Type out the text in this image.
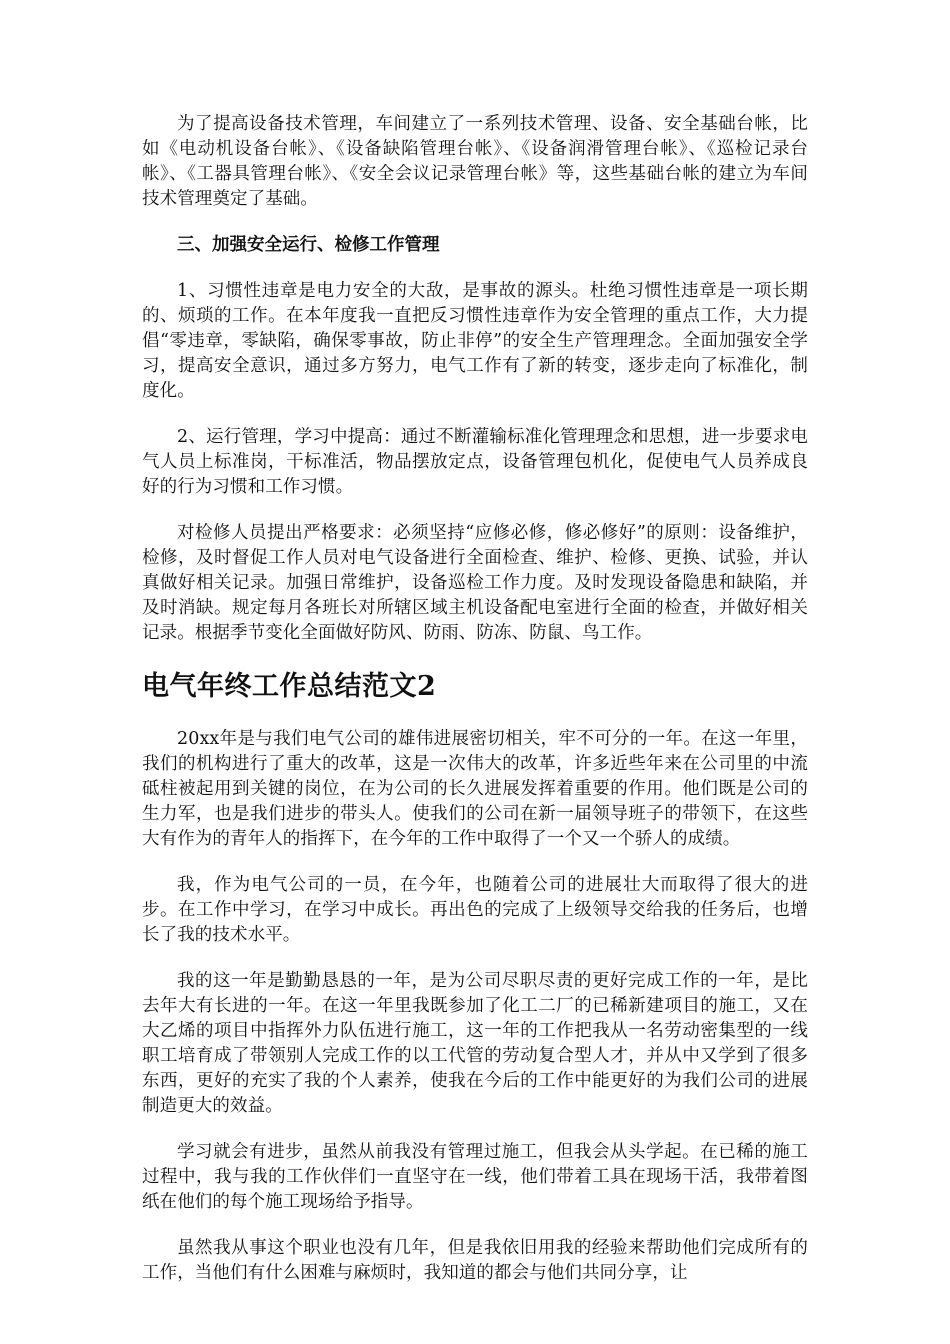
为了提高设备技术管理，车间建立了一系列技术管理、设备、安全基础台帐，比如《电动机设备台帐》、《设备缺陷管理台帐》、《设备润滑管理台帐》、《巡检记录台帐》、《工器具管理台帐》、《安全会议记录管理台帐》等，这些基础台帐的建立为车间技术管理奠定了基础。

三、加强安全运行、检修工作管理

1、习惯性违章是电力安全的大敌，是事故的源头。杜绝习惯性违章是一项长期的、烦琐的工作。在本年度我一直把反习惯性违章作为安全管理的重点工作，大力提倡“零违章，零缺陷，确保零事故，防止非停”的安全生产管理理念。全面加强安全学习，提高安全意识，通过多方努力，电气工作有了新的转变，逐步走向了标准化，制度化。

2、运行管理，学习中提高：通过不断灌输标准化管理理念和思想，进一步要求电气人员上标准岗，干标准活，物品摆放定点，设备管理包机化，促使电气人员养成良好的行为习惯和工作习惯。

对检修人员提出严格要求：必须坚持“应修必修，修必修好”的原则：设备维护，检修，及时督促工作人员对电气设备进行全面检查、维护、检修、更换、试验，并认真做好相关记录。加强日常维护，设备巡检工作力度。及时发现设备隐患和缺陷，并及时消缺。规定每月各班长对所辖区域主机设备配电室进行全面的检查，并做好相关记录。根据季节变化全面做好防风、防雨、防冻、防鼠、鸟工作。

电气年终工作总结范文2

20xx年是与我们电气公司的雄伟进展密切相关，牢不可分的一年。在这一年里，我们的机构进行了重大的改革，这是一次伟大的改革，许多近些年来在公司里的中流砥柱被起用到关键的岗位，在为公司的长久进展发挥着重要的作用。他们既是公司的生力军，也是我们进步的带头人。使我们的公司在新一届领导班子的带领下，在这些大有作为的青年人的指挥下，在今年的工作中取得了一个又一个骄人的成绩。

我，作为电气公司的一员，在今年，也随着公司的进展壮大而取得了很大的进步。在工作中学习，在学习中成长。再出色的完成了上级领导交给我的任务后，也增长了我的技术水平。

我的这一年是勤勤恳恳的一年，是为公司尽职尽责的更好完成工作的一年，是比去年大有长进的一年。在这一年里我既参加了化工二厂的已稀新建项目的施工，又在大乙烯的项目中指挥外力队伍进行施工，这一年的工作把我从一名劳动密集型的一线职工培育成了带领别人完成工作的以工代管的劳动复合型人才，并从中又学到了很多东西，更好的充实了我的个人素养，使我在今后的工作中能更好的为我们公司的进展制造更大的效益。

学习就会有进步，虽然从前我没有管理过施工，但我会从头学起。在已稀的施工过程中，我与我的工作伙伴们一直坚守在一线，他们带着工具在现场干活，我带着图纸在他们的每个施工现场给予指导。

虽然我从事这个职业也没有几年，但是我依旧用我的经验来帮助他们完成所有的工作，当他们有什么困难与麻烦时，我知道的都会与他们共同分享，让
